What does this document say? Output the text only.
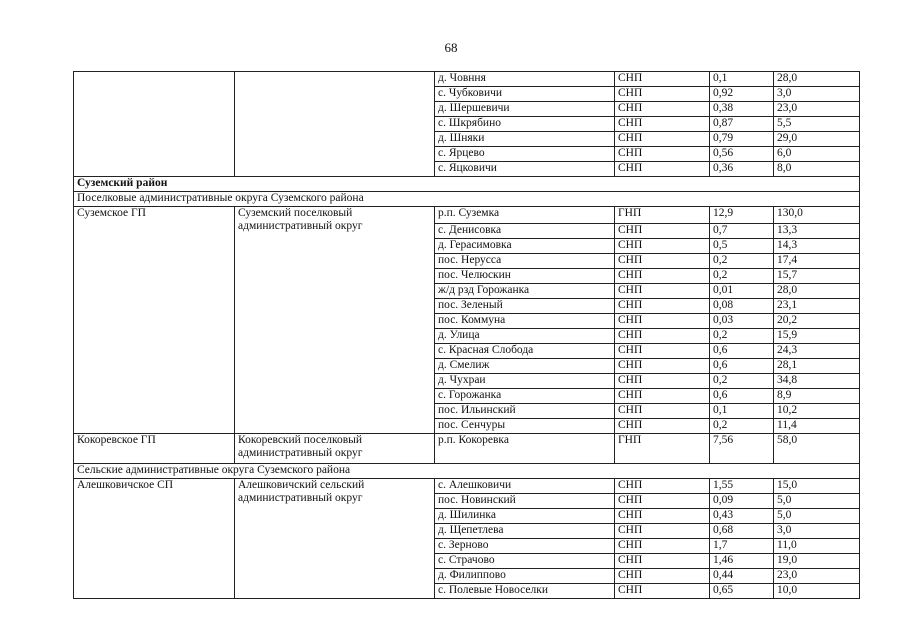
68
		д. Човння	СНП	0,1	28,0
		с. Чубковичи	СНП	0,92	3,0
		д. Шершевичи	СНП	0,38	23,0
		с. Шкрябино	СНП	0,87	5,5
		д. Шняки	СНП	0,79	29,0
		с. Ярцево	СНП	0,56	6,0
		с. Яцковичи	СНП	0,36	8,0
Суземский район					
Поселковые административные округа Суземского района					
Суземское ГП	Суземский поселковый административный округ	р.п. Суземка	ГНП	12,9	130,0
		с. Денисовка	СНП	0,7	13,3
		д. Герасимовка	СНП	0,5	14,3
		пос. Нерусса	СНП	0,2	17,4
		пос. Челюскин	СНП	0,2	15,7
		ж/д рзд Горожанка	СНП	0,01	28,0
		пос. Зеленый	СНП	0,08	23,1
		пос. Коммуна	СНП	0,03	20,2
		д. Улица	СНП	0,2	15,9
		с. Красная Слобода	СНП	0,6	24,3
		д. Смелиж	СНП	0,6	28,1
		д. Чухраи	СНП	0,2	34,8
		с. Горожанка	СНП	0,6	8,9
		пос. Ильинский	СНП	0,1	10,2
		пос. Сенчуры	СНП	0,2	11,4
Кокоревское ГП	Кокоревский поселковый административный округ	р.п. Кокоревка	ГНП	7,56	58,0
Сельские административные округа Суземского района					
Алешковичское СП	Алешковичский сельский административный округ	с. Алешковичи	СНП	1,55	15,0
		пос. Новинский	СНП	0,09	5,0
		д. Шилинка	СНП	0,43	5,0
		д. Щепетлева	СНП	0,68	3,0
		с. Зерново	СНП	1,7	11,0
		с. Страчово	СНП	1,46	19,0
		д. Филиппово	СНП	0,44	23,0
		с. Полевые Новоселки	СНП	0,65	10,0
